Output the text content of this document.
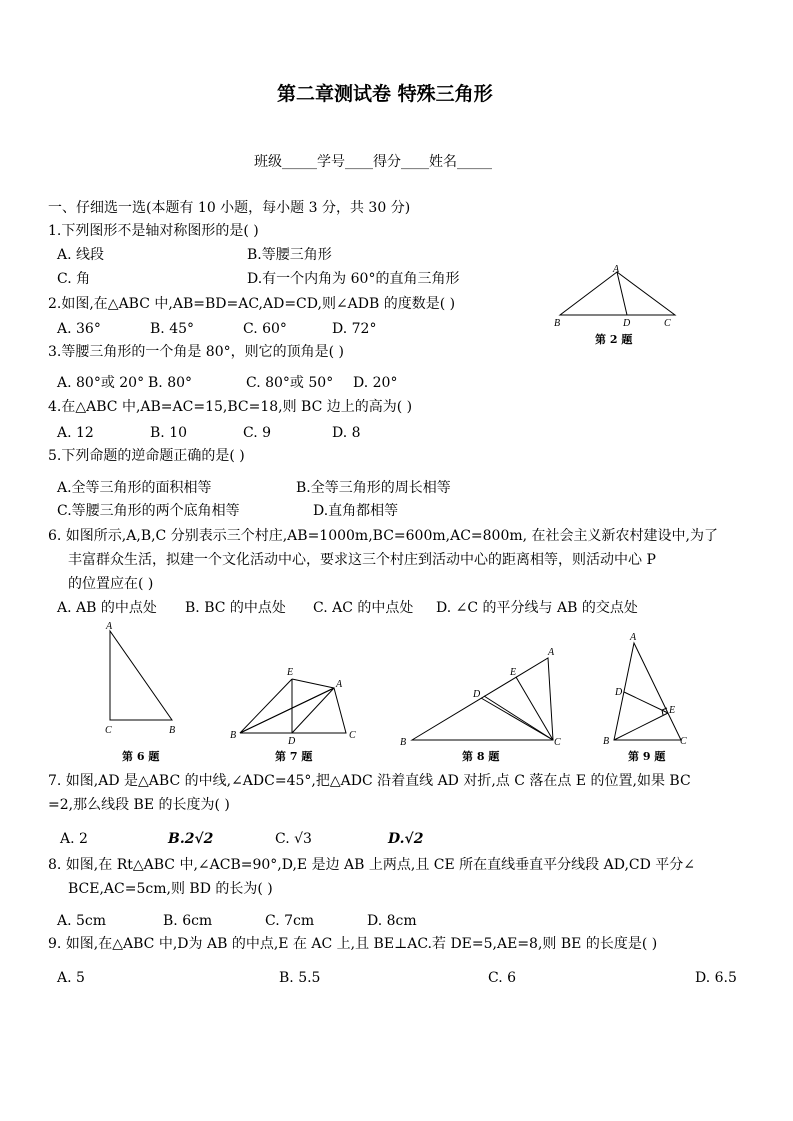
第二章测试卷 特殊三角形
班级_____学号____得分____姓名_____
一、仔细选一选(本题有 10 小题，每小题 3 分，共 30 分)
1.下列图形不是轴对称图形的是( )
A. 线段	B.等腰三角形
C. 角	D.有一个内角为 60°的直角三角形
2.如图,在△ABC 中,AB=BD=AC,AD=CD,则∠ADB 的度数是( )
A. 36°	B. 45°	C. 60°	D. 72°
A
B	D	C
第 2 题
3.等腰三角形的一个角是 80°，则它的顶角是( )
A. 80°或 20° B. 80°	C. 80°或 50° D. 20°
4.在△ABC 中,AB=AC=15,BC=18,则 BC 边上的高为( )
A. 12	B. 10	C. 9	D. 8
5.下列命题的逆命题正确的是( )
A.全等三角形的面积相等	B.全等三角形的周长相等
C.等腰三角形的两个底角相等	D.直角都相等
6. 如图所示,A,B,C 分别表示三个村庄,AB=1000m,BC=600m,AC=800m, 在社会主义新农村建设中,为了
丰富群众生活，拟建一个文化活动中心，要求这三个村庄到活动中心的距离相等，则活动中心 P
的位置应在( )
A. AB 的中点处 B. BC 的中点处 C. AC 的中点处 D. ∠C 的平分线与 AB 的交点处
A
C	B
第 6 题
E
A
B
D
C
第 7 题
A
E
D
B	C
第 8 题
A
D
E
B	C
第 9 题
7. 如图,AD 是△ABC 的中线,∠ADC=45°,把△ADC 沿着直线 AD 对折,点 C 落在点 E 的位置,如果 BC
=2,那么线段 BE 的长度为( )
A. 2	B.2√2	C. √3	D.√2
8. 如图,在 Rt△ABC 中,∠ACB=90°,D,E 是边 AB 上两点,且 CE 所在直线垂直平分线段 AD,CD 平分∠
BCE,AC=5cm,则 BD 的长为( )
A. 5cm	B. 6cm	C. 7cm	D. 8cm
9. 如图,在△ABC 中,D为 AB 的中点,E 在 AC 上,且 BE⊥AC.若 DE=5,AE=8,则 BE 的长度是( )
A. 5	B. 5.5	C. 6	D. 6.5
